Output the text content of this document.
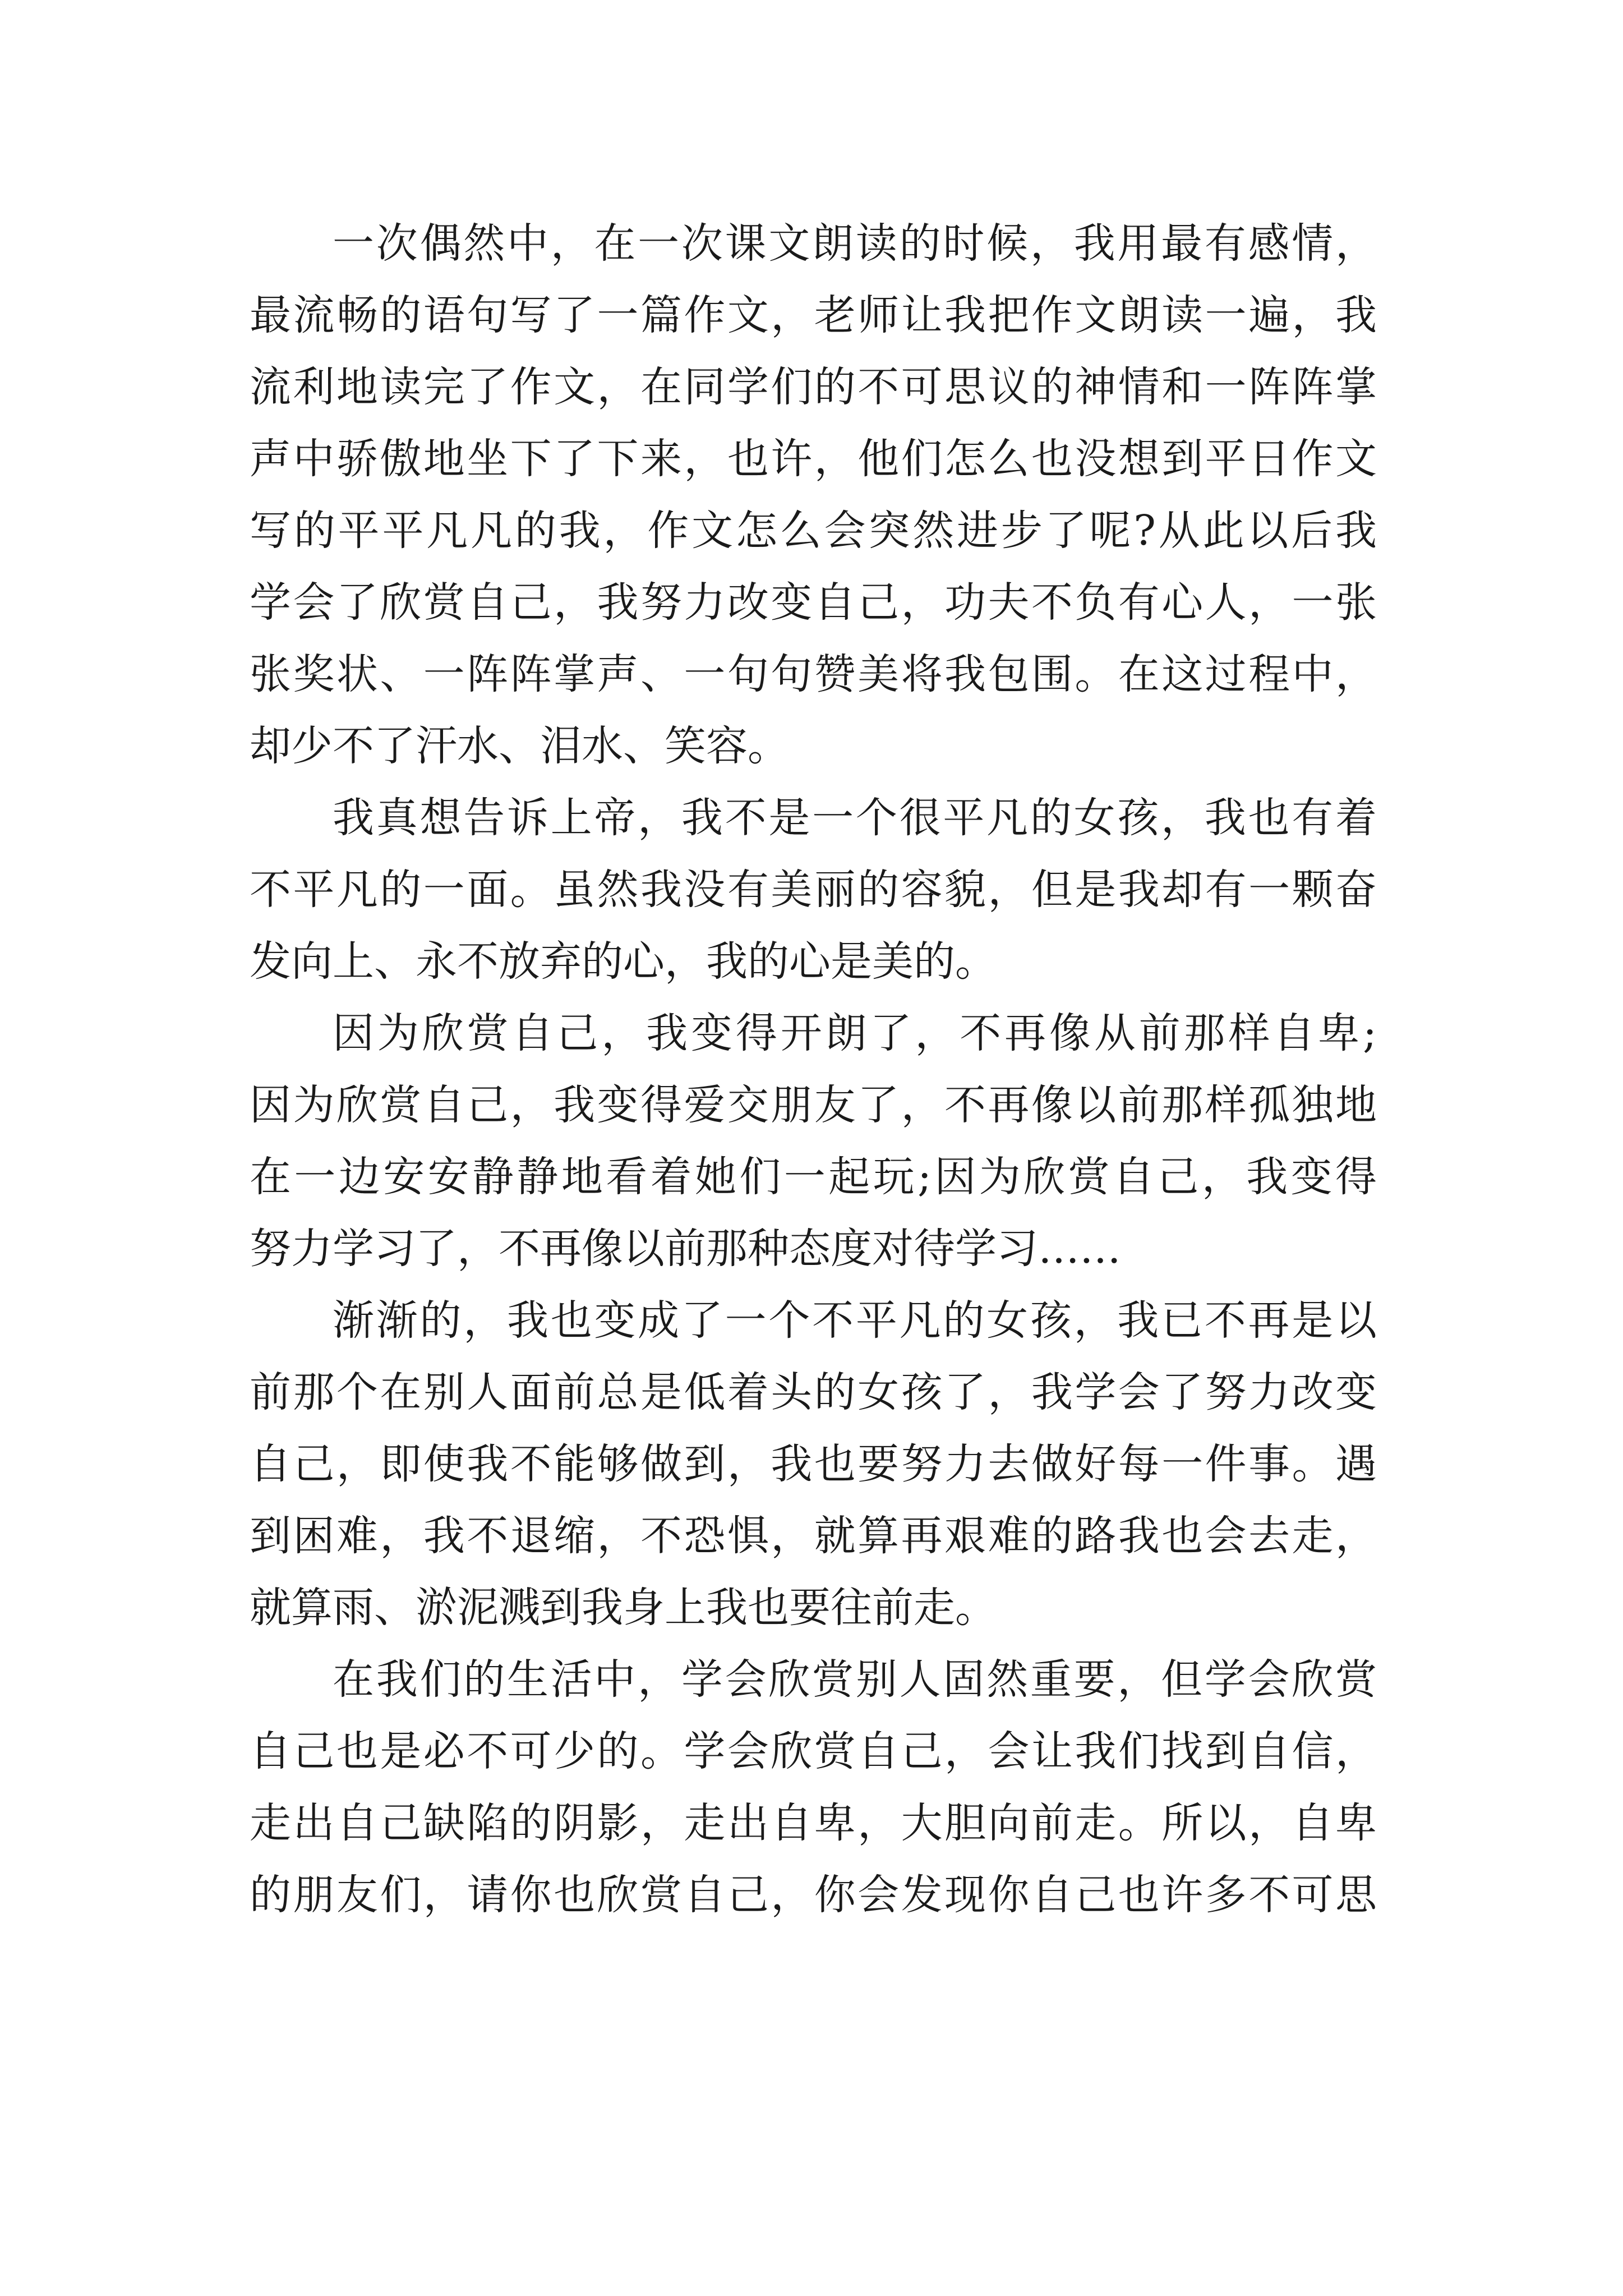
一次偶然中，在一次课文朗读的时候，我用最有感情，
最流畅的语句写了一篇作文，老师让我把作文朗读一遍，我
流利地读完了作文，在同学们的不可思议的神情和一阵阵掌
声中骄傲地坐下了下来，也许，他们怎么也没想到平日作文
写的平平凡凡的我，作文怎么会突然进步了呢?从此以后我
学会了欣赏自己，我努力改变自己，功夫不负有心人，一张
张奖状、一阵阵掌声、一句句赞美将我包围。在这过程中，
却少不了汗水、泪水、笑容。
我真想告诉上帝，我不是一个很平凡的女孩，我也有着
不平凡的一面。虽然我没有美丽的容貌，但是我却有一颗奋
发向上、永不放弃的心，我的心是美的。
因为欣赏自己，我变得开朗了，不再像从前那样自卑;
因为欣赏自己，我变得爱交朋友了，不再像以前那样孤独地
在一边安安静静地看着她们一起玩;因为欣赏自己，我变得
努力学习了，不再像以前那种态度对待学习……
渐渐的，我也变成了一个不平凡的女孩，我已不再是以
前那个在别人面前总是低着头的女孩了，我学会了努力改变
自己，即使我不能够做到，我也要努力去做好每一件事。遇
到困难，我不退缩，不恐惧，就算再艰难的路我也会去走，
就算雨、淤泥溅到我身上我也要往前走。
在我们的生活中，学会欣赏别人固然重要，但学会欣赏
自己也是必不可少的。学会欣赏自己，会让我们找到自信，
走出自己缺陷的阴影，走出自卑，大胆向前走。所以，自卑
的朋友们，请你也欣赏自己，你会发现你自己也许多不可思
